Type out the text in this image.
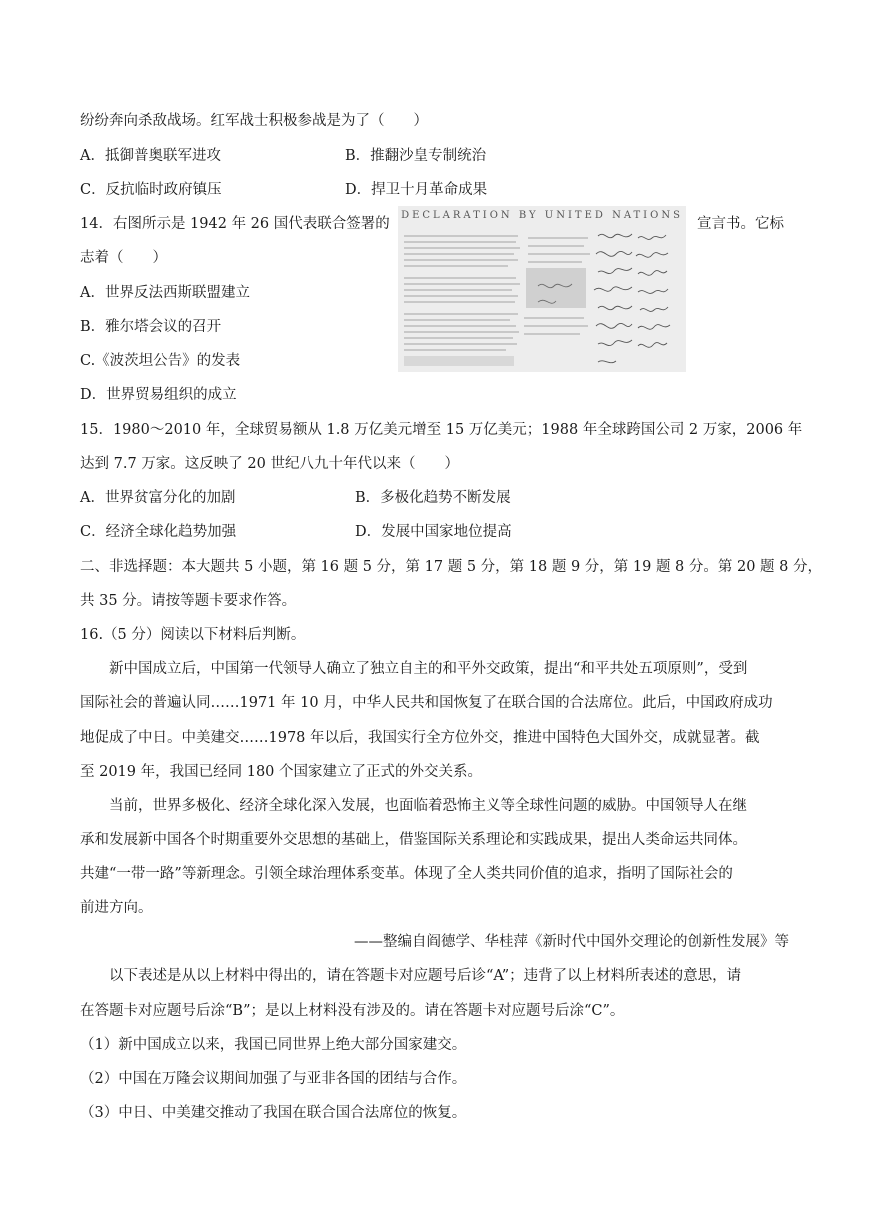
纷纷奔向杀敌战场。红军战士积极参战是为了（　　）
A．抵御普奥联军进攻	B．推翻沙皇专制统治
C．反抗临时政府镇压	D．捍卫十月革命成果
14．右图所示是 1942 年 26 国代表联合签署的	宣言书。它标
志着（　　）
DECLARATION BY UNITED NATIONS
A．世界反法西斯联盟建立
B．雅尔塔会议的召开
C.《波茨坦公告》的发表
D．世界贸易组织的成立
15．1980～2010 年，全球贸易额从 1.8 万亿美元增至 15 万亿美元；1988 年全球跨国公司 2 万家，2006 年
达到 7.7 万家。这反映了 20 世纪八九十年代以来（　　）
A．世界贫富分化的加剧	B．多极化趋势不断发展
C．经济全球化趋势加强	D．发展中国家地位提高
二、非选择题：本大题共 5 小题，第 16 题 5 分，第 17 题 5 分，第 18 题 9 分，第 19 题 8 分。第 20 题 8 分，
共 35 分。请按等题卡要求作答。
16.（5 分）阅读以下材料后判断。
新中国成立后，中国第一代领导人确立了独立自主的和平外交政策，提出“和平共处五项原则”，受到
国际社会的普遍认同……1971 年 10 月，中华人民共和国恢复了在联合国的合法席位。此后，中国政府成功
地促成了中日。中美建交……1978 年以后，我国实行全方位外交，推进中国特色大国外交，成就显著。截
至 2019 年，我国已经同 180 个国家建立了正式的外交关系。
当前，世界多极化、经济全球化深入发展，也面临着恐怖主义等全球性问题的威胁。中国领导人在继
承和发展新中国各个时期重要外交思想的基础上，借鉴国际关系理论和实践成果，提出人类命运共同体。
共建“一带一路”等新理念。引领全球治理体系变革。体现了全人类共同价值的追求，指明了国际社会的
前进方向。
——整编自阎德学、华桂萍《新时代中国外交理论的创新性发展》等
以下表述是从以上材料中得出的，请在答题卡对应题号后诊“A”；违背了以上材料所表述的意思，请
在答题卡对应题号后涂“B”；是以上材料没有涉及的。请在答题卡对应题号后涂“C”。
（1）新中国成立以来，我国已同世界上绝大部分国家建交。
（2）中国在万隆会议期间加强了与亚非各国的团结与合作。
（3）中日、中美建交推动了我国在联合国合法席位的恢复。
